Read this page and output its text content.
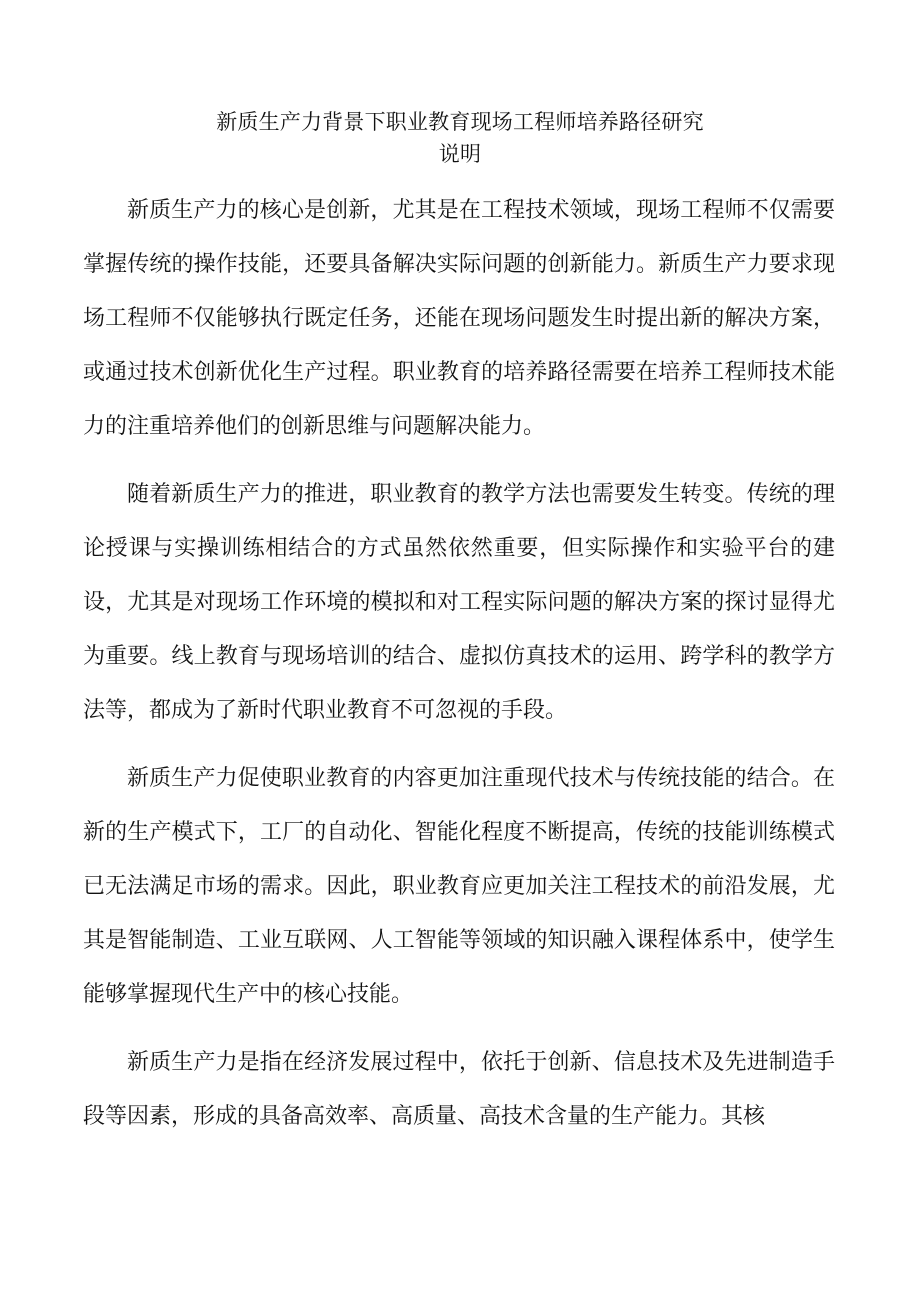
新质生产力背景下职业教育现场工程师培养路径研究
说明

新质生产力的核心是创新，尤其是在工程技术领域，现场工程师不仅需要掌握传统的操作技能，还要具备解决实际问题的创新能力。新质生产力要求现场工程师不仅能够执行既定任务，还能在现场问题发生时提出新的解决方案，或通过技术创新优化生产过程。职业教育的培养路径需要在培养工程师技术能力的注重培养他们的创新思维与问题解决能力。

随着新质生产力的推进，职业教育的教学方法也需要发生转变。传统的理论授课与实操训练相结合的方式虽然依然重要，但实际操作和实验平台的建设，尤其是对现场工作环境的模拟和对工程实际问题的解决方案的探讨显得尤为重要。线上教育与现场培训的结合、虚拟仿真技术的运用、跨学科的教学方法等，都成为了新时代职业教育不可忽视的手段。

新质生产力促使职业教育的内容更加注重现代技术与传统技能的结合。在新的生产模式下，工厂的自动化、智能化程度不断提高，传统的技能训练模式已无法满足市场的需求。因此，职业教育应更加关注工程技术的前沿发展，尤其是智能制造、工业互联网、人工智能等领域的知识融入课程体系中，使学生能够掌握现代生产中的核心技能。

新质生产力是指在经济发展过程中，依托于创新、信息技术及先进制造手段等因素，形成的具备高效率、高质量、高技术含量的生产能力。其核
